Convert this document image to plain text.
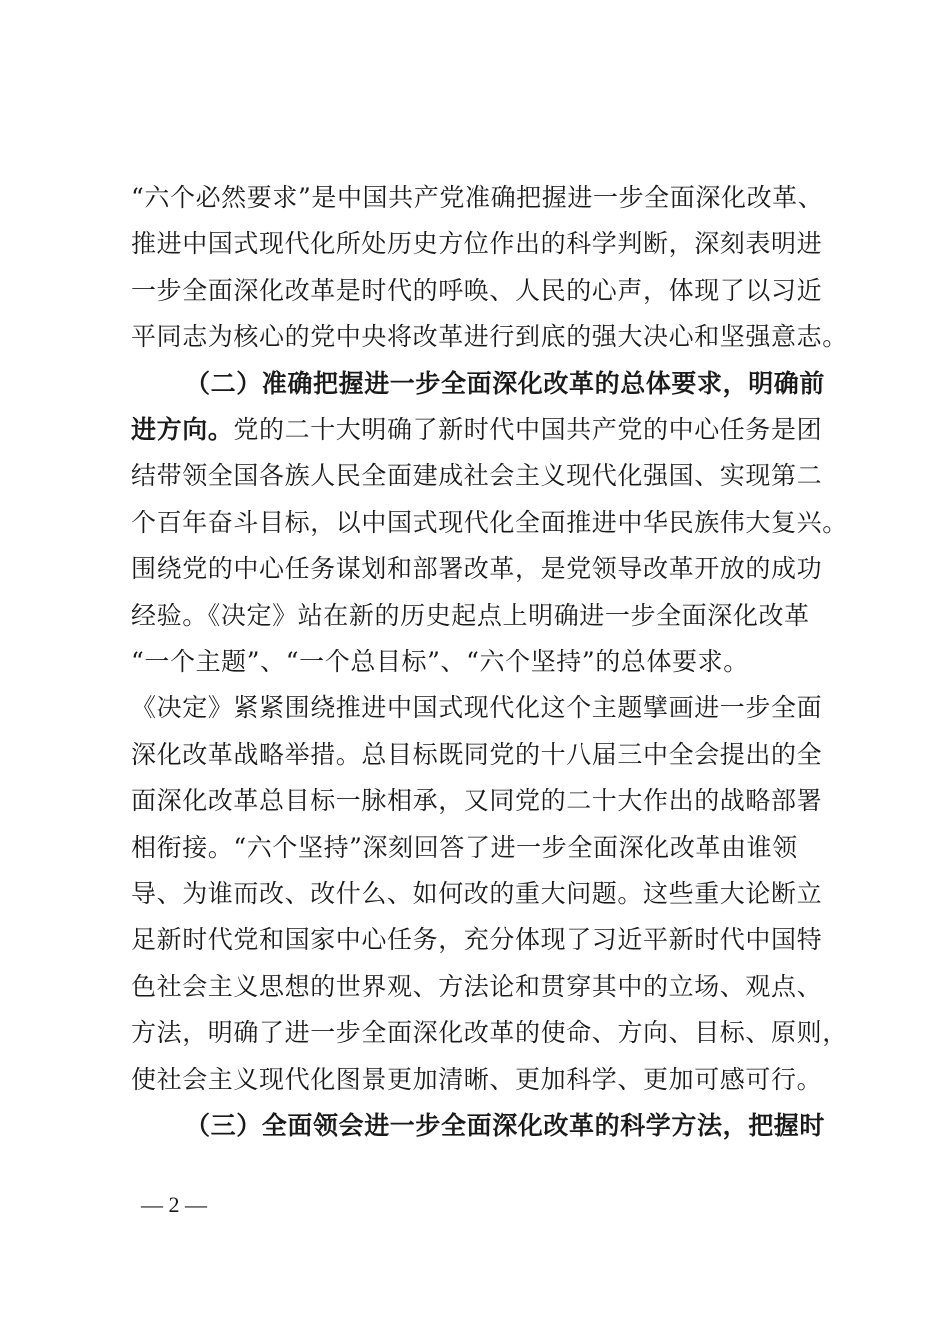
“六个必然要求”是中国共产党准确把握进一步全面深化改革、
推进中国式现代化所处历史方位作出的科学判断，深刻表明进
一步全面深化改革是时代的呼唤、人民的心声，体现了以习近
平同志为核心的党中央将改革进行到底的强大决心和坚强意志。
（二）准确把握进一步全面深化改革的总体要求，明确前
进方向。党的二十大明确了新时代中国共产党的中心任务是团
结带领全国各族人民全面建成社会主义现代化强国、实现第二
个百年奋斗目标，以中国式现代化全面推进中华民族伟大复兴。
围绕党的中心任务谋划和部署改革，是党领导改革开放的成功
经验。《决定》站在新的历史起点上明确进一步全面深化改革
“一个主题”、“一个总目标”、“六个坚持”的总体要求。
《决定》紧紧围绕推进中国式现代化这个主题擘画进一步全面
深化改革战略举措。总目标既同党的十八届三中全会提出的全
面深化改革总目标一脉相承，又同党的二十大作出的战略部署
相衔接。“六个坚持”深刻回答了进一步全面深化改革由谁领
导、为谁而改、改什么、如何改的重大问题。这些重大论断立
足新时代党和国家中心任务，充分体现了习近平新时代中国特
色社会主义思想的世界观、方法论和贯穿其中的立场、观点、
方法，明确了进一步全面深化改革的使命、方向、目标、原则，
使社会主义现代化图景更加清晰、更加科学、更加可感可行。
（三）全面领会进一步全面深化改革的科学方法，把握时
— 2 —
